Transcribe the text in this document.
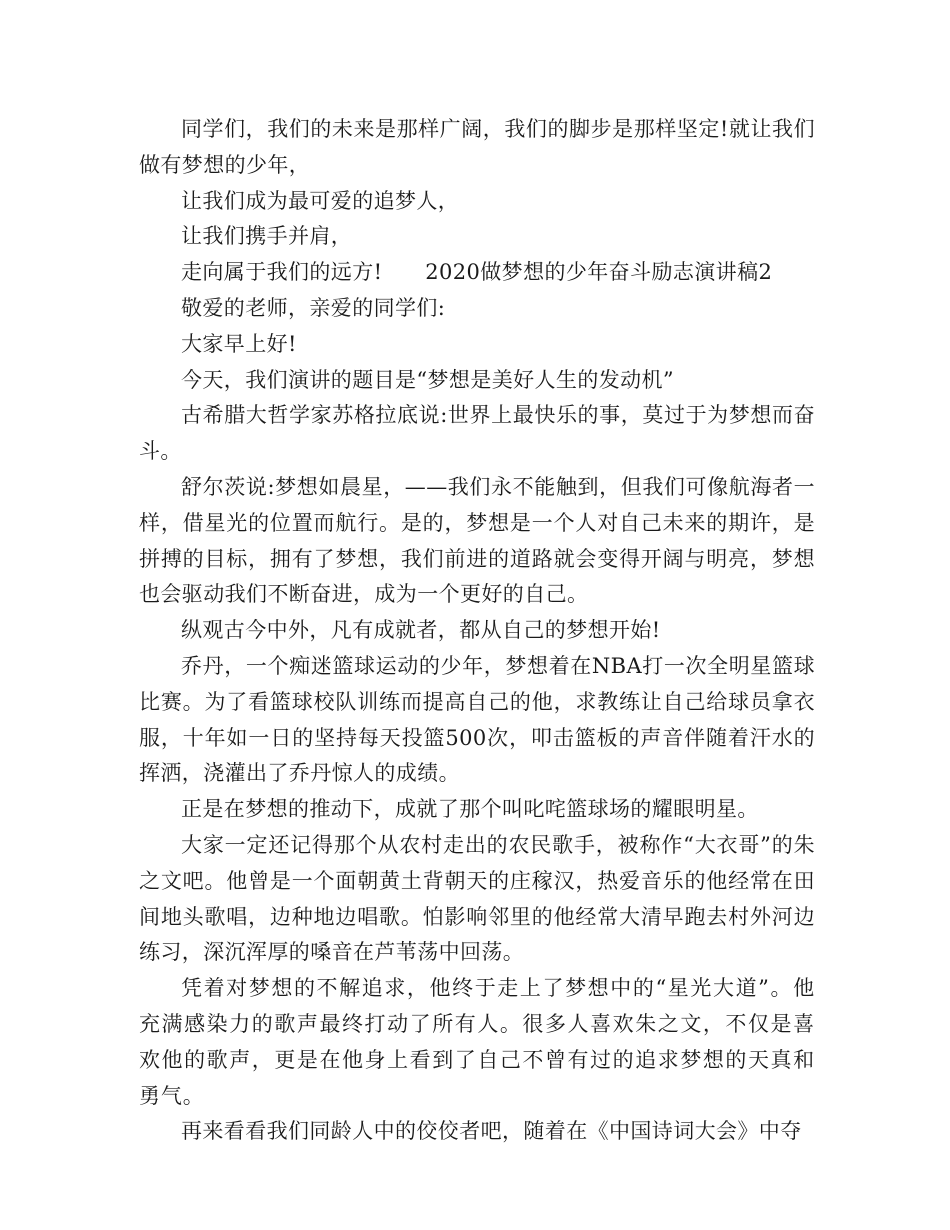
同学们，我们的未来是那样广阔，我们的脚步是那样坚定!就让我们做有梦想的少年，

让我们成为最可爱的追梦人，

让我们携手并肩，

走向属于我们的远方!　　2020做梦想的少年奋斗励志演讲稿2

敬爱的老师，亲爱的同学们:

大家早上好!

今天，我们演讲的题目是“梦想是美好人生的发动机”

古希腊大哲学家苏格拉底说:世界上最快乐的事，莫过于为梦想而奋斗。

舒尔茨说:梦想如晨星，——我们永不能触到，但我们可像航海者一样，借星光的位置而航行。是的，梦想是一个人对自己未来的期许，是拼搏的目标，拥有了梦想，我们前进的道路就会变得开阔与明亮，梦想也会驱动我们不断奋进，成为一个更好的自己。

纵观古今中外，凡有成就者，都从自己的梦想开始!

乔丹，一个痴迷篮球运动的少年，梦想着在NBA打一次全明星篮球比赛。为了看篮球校队训练而提高自己的他，求教练让自己给球员拿衣服，十年如一日的坚持每天投篮500次，叩击篮板的声音伴随着汗水的挥洒，浇灌出了乔丹惊人的成绩。

正是在梦想的推动下，成就了那个叫叱咤篮球场的耀眼明星。

大家一定还记得那个从农村走出的农民歌手，被称作“大衣哥”的朱之文吧。他曾是一个面朝黄土背朝天的庄稼汉，热爱音乐的他经常在田间地头歌唱，边种地边唱歌。怕影响邻里的他经常大清早跑去村外河边练习，深沉浑厚的嗓音在芦苇荡中回荡。

凭着对梦想的不解追求，他终于走上了梦想中的“星光大道”。他充满感染力的歌声最终打动了所有人。很多人喜欢朱之文，不仅是喜欢他的歌声，更是在他身上看到了自己不曾有过的追求梦想的天真和勇气。

再来看看我们同龄人中的佼佼者吧，随着在《中国诗词大会》中夺
